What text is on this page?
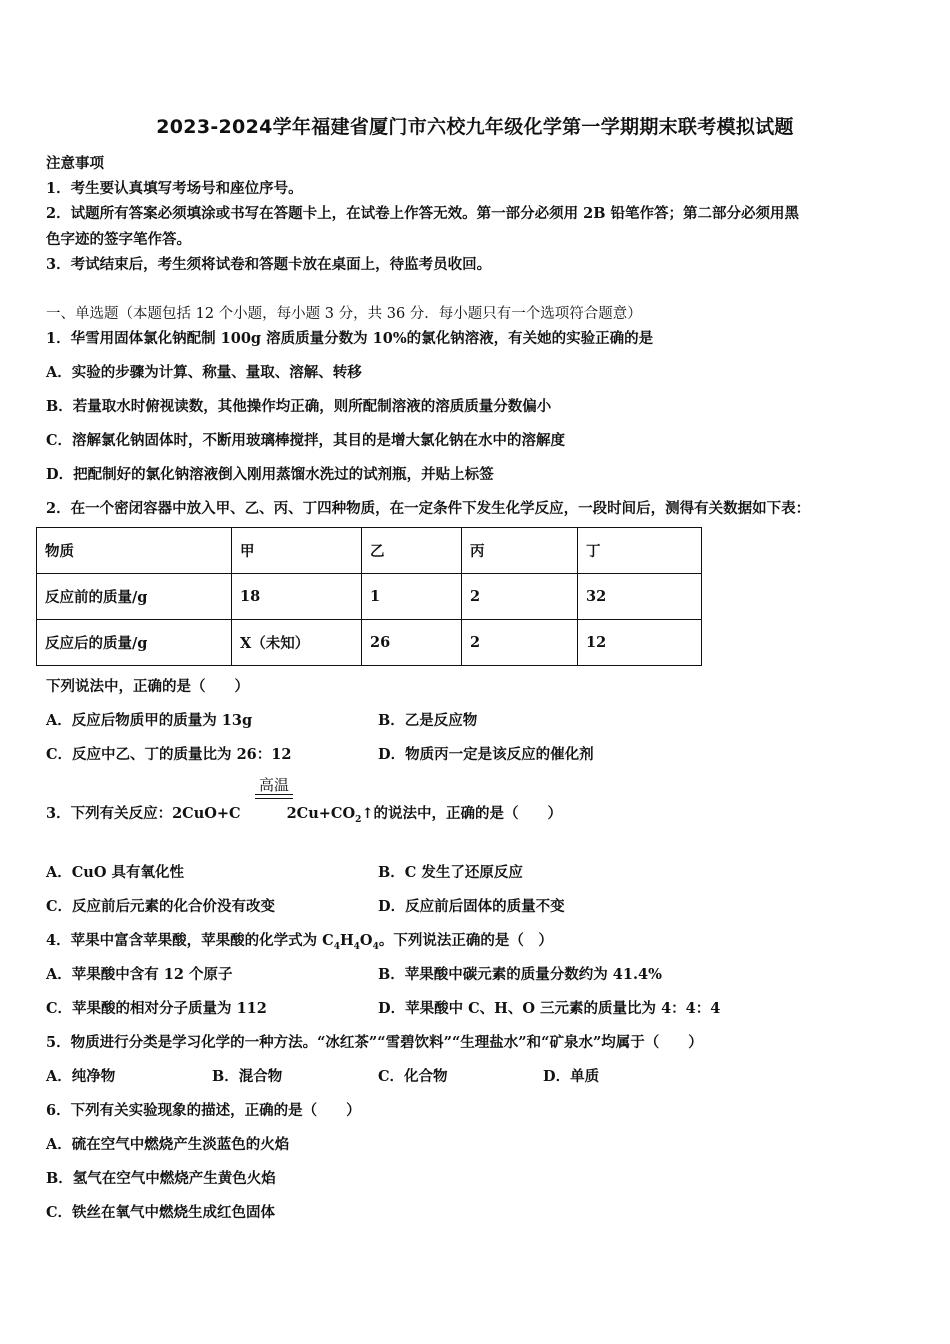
2023-2024学年福建省厦门市六校九年级化学第一学期期末联考模拟试题
注意事项
1．考生要认真填写考场号和座位序号。
2．试题所有答案必须填涂或书写在答题卡上，在试卷上作答无效。第一部分必须用 2B 铅笔作答；第二部分必须用黑
色字迹的签字笔作答。
3．考试结束后，考生须将试卷和答题卡放在桌面上，待监考员收回。
一、单选题（本题包括 12 个小题，每小题 3 分，共 36 分．每小题只有一个选项符合题意）
1．华雪用固体氯化钠配制 100g 溶质质量分数为 10%的氯化钠溶液，有关她的实验正确的是
A．实验的步骤为计算、称量、量取、溶解、转移
B．若量取水时俯视读数，其他操作均正确，则所配制溶液的溶质质量分数偏小
C．溶解氯化钠固体时，不断用玻璃棒搅拌，其目的是增大氯化钠在水中的溶解度
D．把配制好的氯化钠溶液倒入刚用蒸馏水洗过的试剂瓶，并贴上标签
2．在一个密闭容器中放入甲、乙、丙、丁四种物质，在一定条件下发生化学反应，一段时间后，测得有关数据如下表：
物质	甲	乙	丙	丁
反应前的质量/g	18	1	2	32
反应后的质量/g	X（未知）	26	2	12
下列说法中，正确的是（　　）
A．反应后物质甲的质量为 13g	B．乙是反应物
C．反应中乙、丁的质量比为 26：12	D．物质丙一定是该反应的催化剂
高温
3．下列有关反应：2CuO+C	$2Cu+CO_2↑$的说法中，正确的是（　　）
A．CuO 具有氧化性	B．C 发生了还原反应
C．反应前后元素的化合价没有改变	D．反应前后固体的质量不变
4．苹果中富含苹果酸，苹果酸的化学式为 $C_4H_4O_4$。下列说法正确的是（　）
A．苹果酸中含有 12 个原子	B．苹果酸中碳元素的质量分数约为 41.4%
C．苹果酸的相对分子质量为 112	D．苹果酸中 C、H、O 三元素的质量比为 4：4：4
5．物质进行分类是学习化学的一种方法。“冰红茶”“雪碧饮料”“生理盐水”和“矿泉水”均属于（　　）
A．纯净物	B．混合物	C．化合物	D．单质
6．下列有关实验现象的描述，正确的是（　　）
A．硫在空气中燃烧产生淡蓝色的火焰
B．氢气在空气中燃烧产生黄色火焰
C．铁丝在氧气中燃烧生成红色固体
